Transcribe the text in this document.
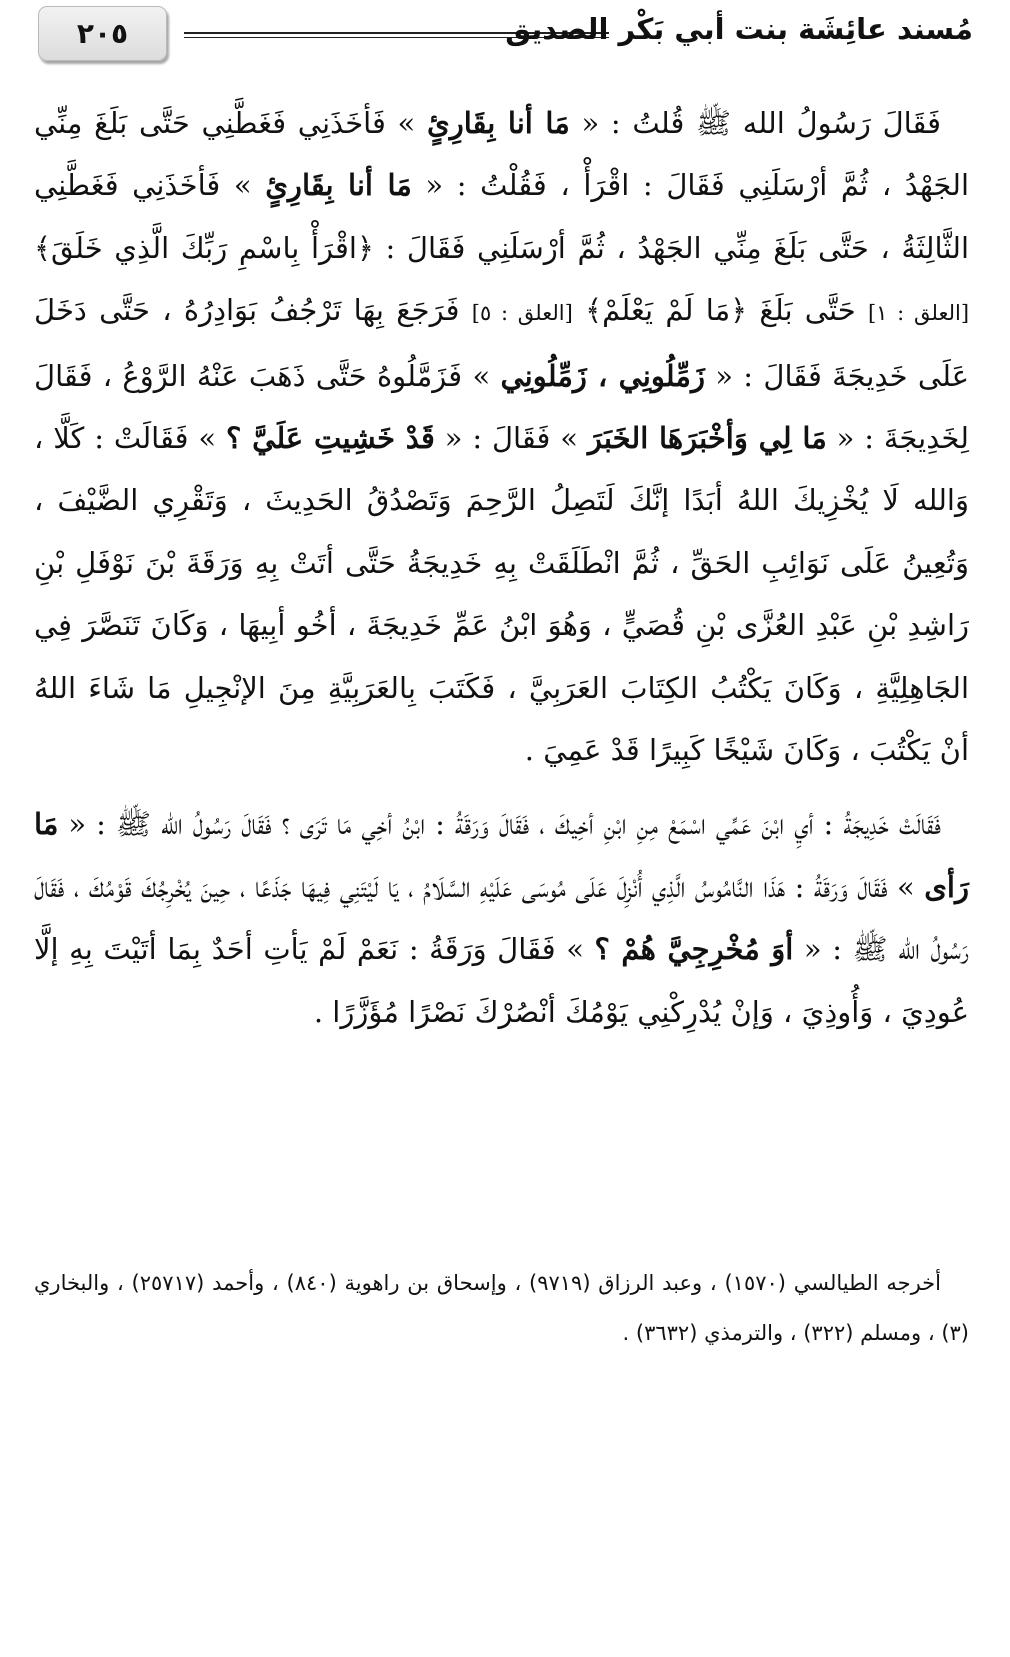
٢٠٥	مُسند عائِشَة بنت أبي بَكْر الصديق

فَقَالَ رَسُولُ الله ﷺ قُلتُ : « مَا أنا بِقَارِئٍ » فَأخَذَنِي فَغَطَّنِي حَتَّى بَلَغَ مِنِّي الجَهْدُ ، ثُمَّ أرْسَلَنِي فَقَالَ : اقْرَأْ ، فَقُلْتُ : « مَا أنا بِقَارِئٍ » فَأخَذَنِي فَغَطَّنِي الثَّالِثَةُ ، حَتَّى بَلَغَ مِنِّي الجَهْدُ ، ثُمَّ أرْسَلَنِي فَقَالَ : ﴿اقْرَأْ بِاسْمِ رَبِّكَ الَّذِي خَلَقَ﴾ [العلق : ١] حَتَّى بَلَغَ ﴿مَا لَمْ يَعْلَمْ﴾ [العلق : ٥] فَرَجَعَ بِهَا تَرْجُفُ بَوَادِرُهُ ، حَتَّى دَخَلَ عَلَى خَدِيجَةَ فَقَالَ : « زَمِّلُونِي ، زَمِّلُونِي » فَزَمَّلُوهُ حَتَّى ذَهَبَ عَنْهُ الرَّوْعُ ، فَقَالَ لِخَدِيجَةَ : « مَا لِي وَأخْبَرَهَا الخَبَرَ » فَقَالَ : « قَدْ خَشِيتِ عَلَيَّ ؟ » فَقَالَتْ : كَلَّا ، وَالله لَا يُخْزِيكَ اللهُ أبَدًا إنَّكَ لَتَصِلُ الرَّحِمَ وَتَصْدُقُ الحَدِيثَ ، وَتَقْرِي الضَّيْفَ ، وَتُعِينُ عَلَى نَوَائِبِ الحَقِّ ، ثُمَّ انْطَلَقَتْ بِهِ خَدِيجَةُ حَتَّى أتَتْ بِهِ وَرَقَةَ بْنَ نَوْفَلِ بْنِ رَاشِدِ بْنِ عَبْدِ العُزَّى بْنِ قُصَيٍّ ، وَهُوَ ابْنُ عَمِّ خَدِيجَةَ ، أخُو أبِيهَا ، وَكَانَ تَنَصَّرَ فِي الجَاهِلِيَّةِ ، وَكَانَ يَكْتُبُ الكِتَابَ العَرَبِيَّ ، فَكَتَبَ بِالعَرَبِيَّةِ مِنَ الإنْجِيلِ مَا شَاءَ اللهُ أنْ يَكْتُبَ ، وَكَانَ شَيْخًا كَبِيرًا قَدْ عَمِيَ .

فَقَالَتْ خَدِيجَةُ : أيِ ابْنَ عَمِّي اسْمَعْ مِنِ ابْنِ أخِيكَ ، فَقَالَ وَرَقَةُ : ابْنُ أخِي مَا تَرَى ؟ فَقَالَ رَسُولُ الله ﷺ : « مَا رَأى » فَقَالَ وَرَقَةُ : هَذَا النَّامُوسُ الَّذِي أُنْزِلَ عَلَى مُوسَى عَلَيْهِ السَّلَامُ ، يَا لَيْتَنِي فِيهَا جَذَعًا ، حِينَ يُخْرِجُكَ قَوْمُكَ ، فَقَالَ رَسُولُ الله ﷺ : « أوَ مُخْرِجِيَّ هُمْ ؟ » فَقَالَ وَرَقَةُ : نَعَمْ لَمْ يَأتِ أحَدٌ بِمَا أتَيْتَ بِهِ إلَّا عُودِيَ ، وَأُوذِيَ ، وَإنْ يُدْرِكْنِي يَوْمُكَ أنْصُرْكَ نَصْرًا مُؤَزَّرًا .

أخرجه الطيالسي (١٥٧٠) ، وعبد الرزاق (٩٧١٩) ، وإسحاق بن راهوية (٨٤٠) ، وأحمد (٢٥٧١٧) ، والبخاري (٣) ، ومسلم (٣٢٢) ، والترمذي (٣٦٣٢) .
